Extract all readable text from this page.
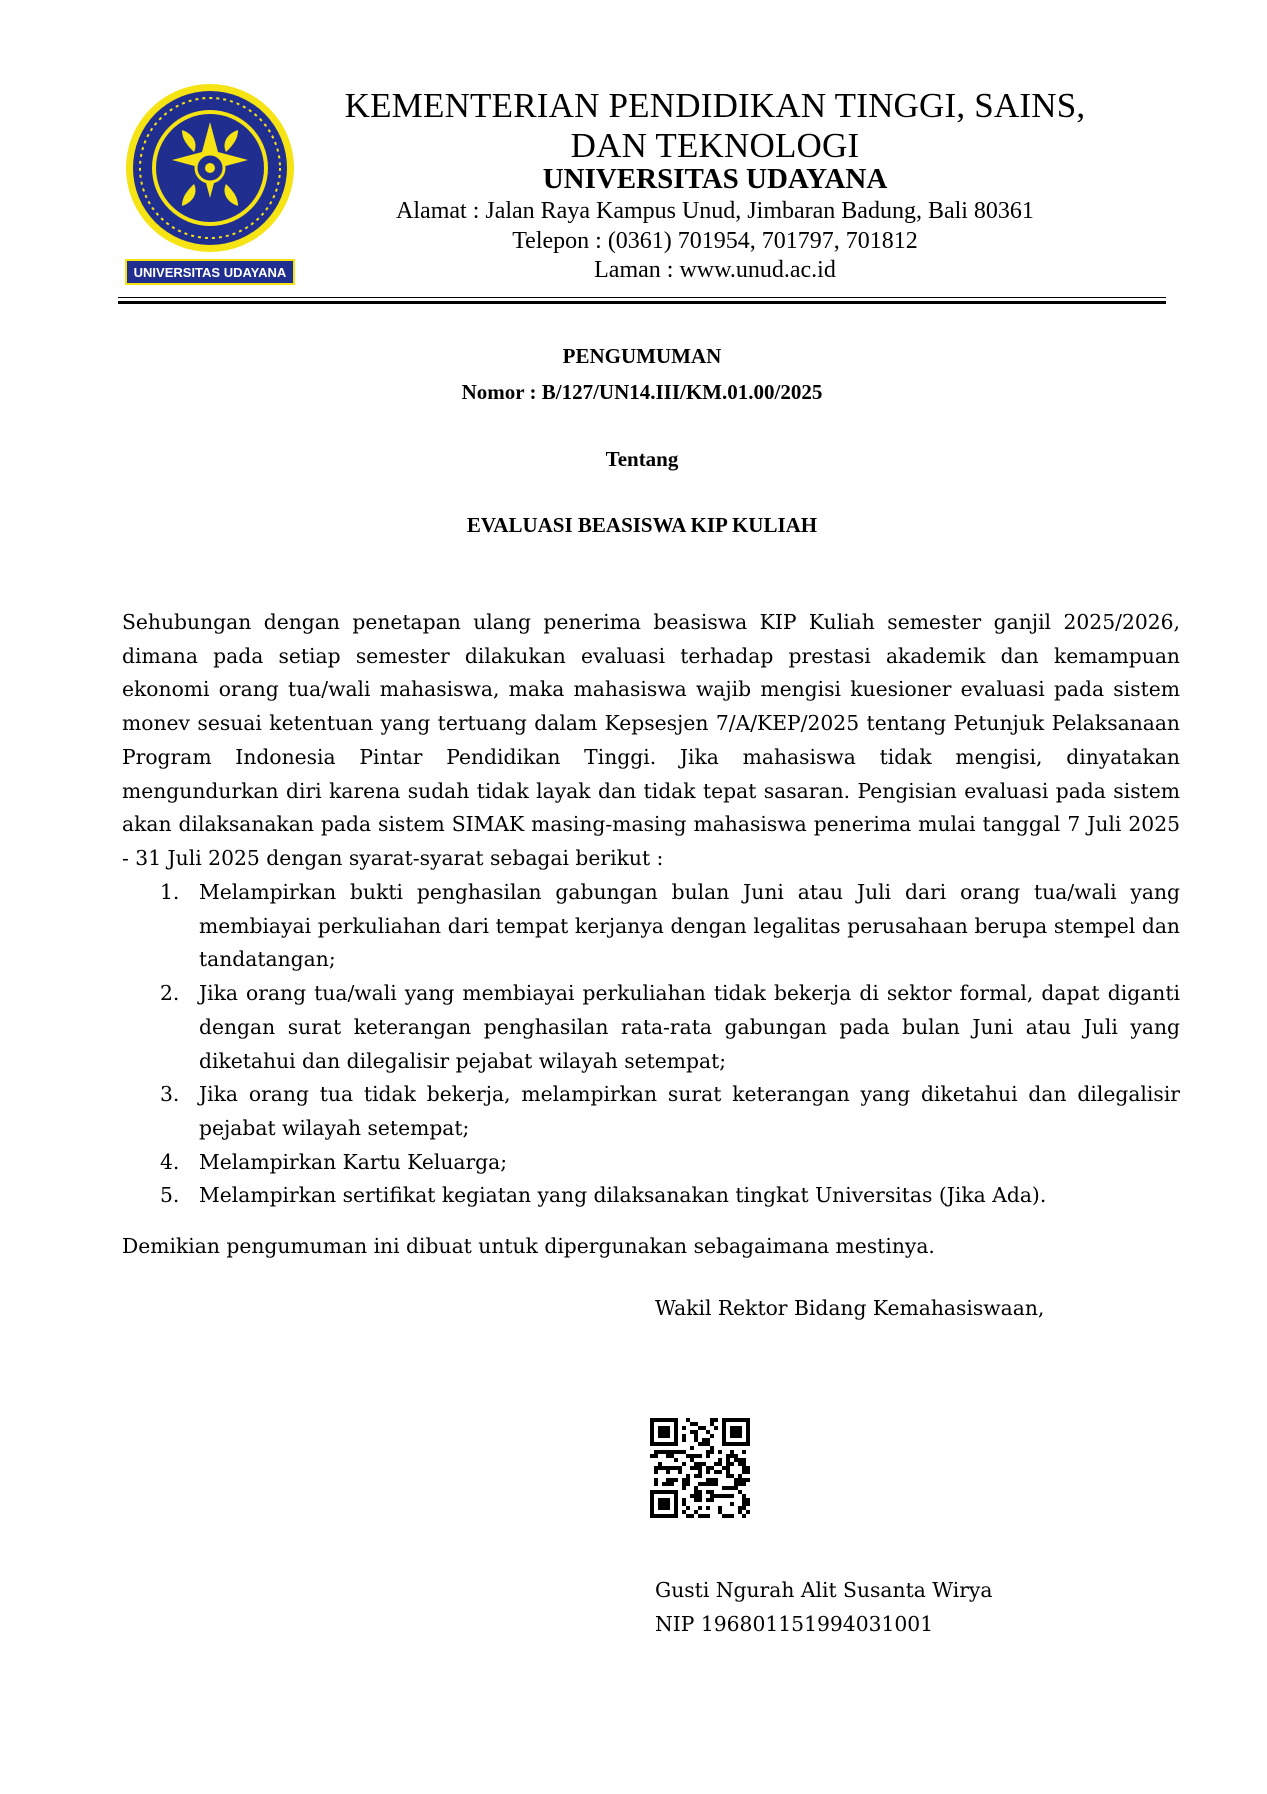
UNIVERSITAS UDAYANA
KEMENTERIAN PENDIDIKAN TINGGI, SAINS,
DAN TEKNOLOGI
UNIVERSITAS UDAYANA
Alamat : Jalan Raya Kampus Unud, Jimbaran Badung, Bali 80361
Telepon : (0361) 701954, 701797, 701812
Laman : www.unud.ac.id
PENGUMUMAN
Nomor : B/127/UN14.III/KM.01.00/2025
Tentang
EVALUASI BEASISWA KIP KULIAH
Sehubungan dengan penetapan ulang penerima beasiswa KIP Kuliah semester ganjil 2025/2026, dimana pada setiap semester dilakukan evaluasi terhadap prestasi akademik dan kemampuan ekonomi orang tua/wali mahasiswa, maka mahasiswa wajib mengisi kuesioner evaluasi pada sistem monev sesuai ketentuan yang tertuang dalam Kepsesjen 7/A/KEP/2025 tentang Petunjuk Pelaksanaan Program Indonesia Pintar Pendidikan Tinggi. Jika mahasiswa tidak mengisi, dinyatakan mengundurkan diri karena sudah tidak layak dan tidak tepat sasaran. Pengisian evaluasi pada sistem akan dilaksanakan pada sistem SIMAK masing-masing mahasiswa penerima mulai tanggal 7 Juli 2025 - 31 Juli 2025 dengan syarat-syarat sebagai berikut :
1. Melampirkan bukti penghasilan gabungan bulan Juni atau Juli dari orang tua/wali yang membiayai perkuliahan dari tempat kerjanya dengan legalitas perusahaan berupa stempel dan tandatangan;
2. Jika orang tua/wali yang membiayai perkuliahan tidak bekerja di sektor formal, dapat diganti dengan surat keterangan penghasilan rata-rata gabungan pada bulan Juni atau Juli yang diketahui dan dilegalisir pejabat wilayah setempat;
3. Jika orang tua tidak bekerja, melampirkan surat keterangan yang diketahui dan dilegalisir pejabat wilayah setempat;
4. Melampirkan Kartu Keluarga;
5. Melampirkan sertifikat kegiatan yang dilaksanakan tingkat Universitas (Jika Ada).
Demikian pengumuman ini dibuat untuk dipergunakan sebagaimana mestinya.
Wakil Rektor Bidang Kemahasiswaan,
Gusti Ngurah Alit Susanta Wirya
NIP 196801151994031001
